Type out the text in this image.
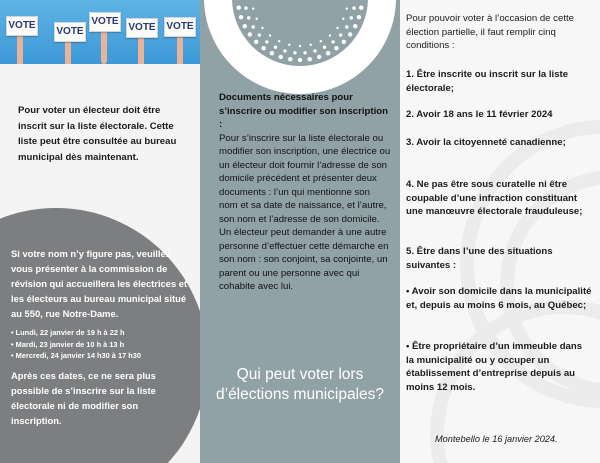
VOTE
VOTE
VOTE
VOTE VOTE
Pour voter un électeur doit être inscrit sur la liste électorale. Cette liste peut être consultée au bureau municipal dès maintenant.
Si votre nom n’y figure pas, veuillez vous présenter à la commission de révision qui accueillera les électrices et les électeurs au bureau municipal situé au 550, rue Notre-Dame.
• Lundi, 22 janvier de 19 h à 22 h
• Mardi, 23 janvier de 10 h à 13 h
• Mercredi, 24 janvier 14 h30 à 17 h30
Après ces dates, ce ne sera plus possible de s’inscrire sur la liste électorale ni de modifier son inscription.
Documents nécessaires pour s’inscrire ou modifier son inscription :
Pour s’inscrire sur la liste électorale ou modifier son inscription, une électrice ou un électeur doit fournir l’adresse de son domicile précédent et présenter deux documents : l’un qui mentionne son nom et sa date de naissance, et l’autre, son nom et l’adresse de son domicile. Un électeur peut demander à une autre personne d’effectuer cette démarche en son nom : son conjoint, sa conjointe, un parent ou une personne avec qui cohabite avec lui.
Qui peut voter lors d’élections municipales?
Pour pouvoir voter à l’occasion de cette élection partielle, il faut remplir cinq conditions :
1. Être inscrite ou inscrit sur la liste électorale;
2. Avoir 18 ans le 11 février 2024
3. Avoir la citoyenneté canadienne;
4. Ne pas être sous curatelle ni être coupable d’une infraction constituant une manœuvre électorale frauduleuse;
5. Être dans l’une des situations suivantes :
• Avoir son domicile dans la municipalité et, depuis au moins 6 mois, au Québec;
• Être propriétaire d’un immeuble dans la municipalité ou y occuper un établissement d’entreprise depuis au moins 12 mois.
Montebello le 16 janvier 2024.
